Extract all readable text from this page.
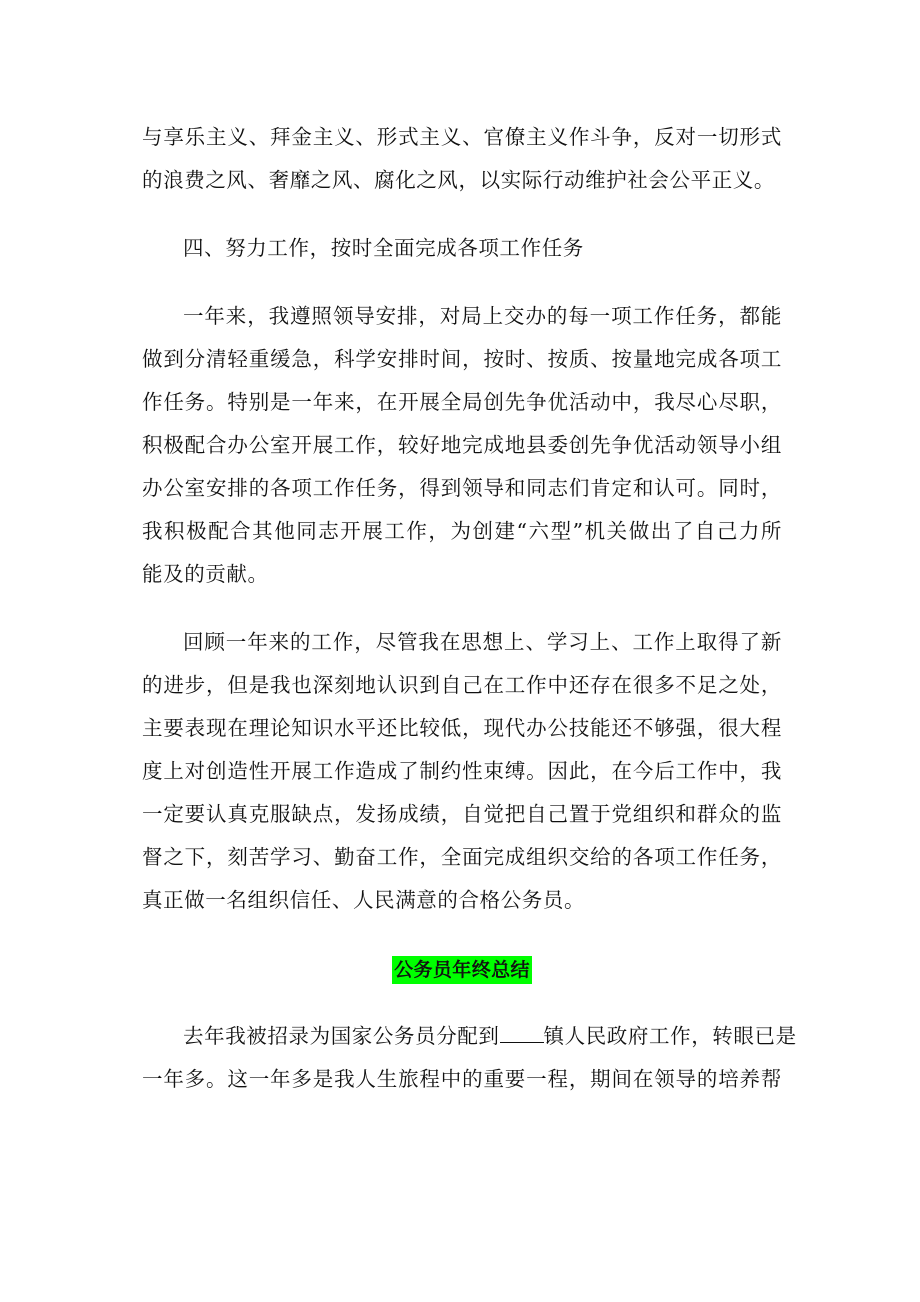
与享乐主义、拜金主义、形式主义、官僚主义作斗争，反对一切形式
的浪费之风、奢靡之风、腐化之风，以实际行动维护社会公平正义。

四、努力工作，按时全面完成各项工作任务

一年来，我遵照领导安排，对局上交办的每一项工作任务，都能
做到分清轻重缓急，科学安排时间，按时、按质、按量地完成各项工
作任务。特别是一年来，在开展全局创先争优活动中，我尽心尽职，
积极配合办公室开展工作，较好地完成地县委创先争优活动领导小组
办公室安排的各项工作任务，得到领导和同志们肯定和认可。同时，
我积极配合其他同志开展工作，为创建“六型”机关做出了自己力所
能及的贡献。

回顾一年来的工作，尽管我在思想上、学习上、工作上取得了新
的进步，但是我也深刻地认识到自己在工作中还存在很多不足之处，
主要表现在理论知识水平还比较低，现代办公技能还不够强，很大程
度上对创造性开展工作造成了制约性束缚。因此，在今后工作中，我
一定要认真克服缺点，发扬成绩，自觉把自己置于党组织和群众的监
督之下，刻苦学习、勤奋工作，全面完成组织交给的各项工作任务，
真正做一名组织信任、人民满意的合格公务员。

公务员年终总结

去年我被招录为国家公务员分配到 镇人民政府工作，转眼已是
一年多。这一年多是我人生旅程中的重要一程，期间在领导的培养帮
